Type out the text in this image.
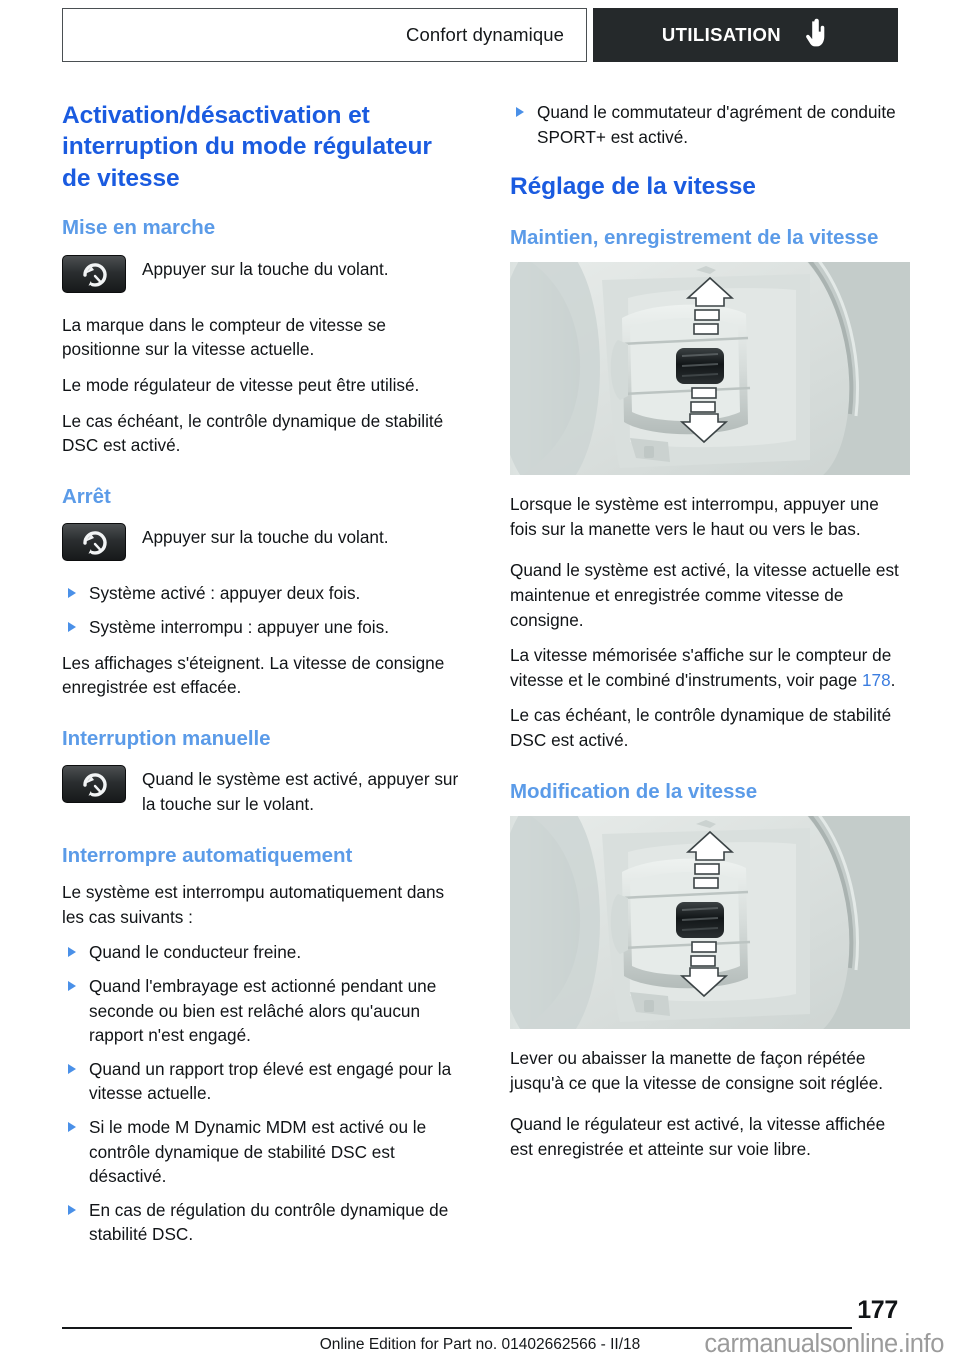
Confort dynamique	UTILISATION
Activation/désactivation et interruption du mode régulateur de vitesse
Mise en marche
Appuyer sur la touche du volant.

La marque dans le compteur de vitesse se positionne sur la vitesse actuelle.

Le mode régulateur de vitesse peut être utilisé.

Le cas échéant, le contrôle dynamique de stabilité DSC est activé.

Arrêt
Appuyer sur la touche du volant.
Système activé : appuyer deux fois.
Système interrompu : appuyer une fois.

Les affichages s'éteignent. La vitesse de consigne enregistrée est effacée.

Interruption manuelle
Quand le système est activé, appuyer sur la touche sur le volant.
Interrompre automatiquement

Le système est interrompu automatiquement dans les cas suivants :

Quand le conducteur freine.
Quand l'embrayage est actionné pendant une seconde ou bien est relâché alors qu'aucun rapport n'est engagé.
Quand un rapport trop élevé est engagé pour la vitesse actuelle.
Si le mode M Dynamic MDM est activé ou le contrôle dynamique de stabilité DSC est désactivé.
En cas de régulation du contrôle dynamique de stabilité DSC.
Quand le commutateur d'agrément de conduite SPORT+ est activé.
Réglage de la vitesse
Maintien, enregistrement de la vitesse

Lorsque le système est interrompu, appuyer une fois sur la manette vers le haut ou vers le bas.

Quand le système est activé, la vitesse actuelle est maintenue et enregistrée comme vitesse de consigne.

La vitesse mémorisée s'affiche sur le compteur de vitesse et le combiné d'instruments, voir page 178.

Le cas échéant, le contrôle dynamique de stabilité DSC est activé.

Modification de la vitesse

Lever ou abaisser la manette de façon répétée jusqu'à ce que la vitesse de consigne soit réglée.

Quand le régulateur est activé, la vitesse affichée est enregistrée et atteinte sur voie libre.

177
Online Edition for Part no. 01402662566 - II/18	carmanualsonline.info
